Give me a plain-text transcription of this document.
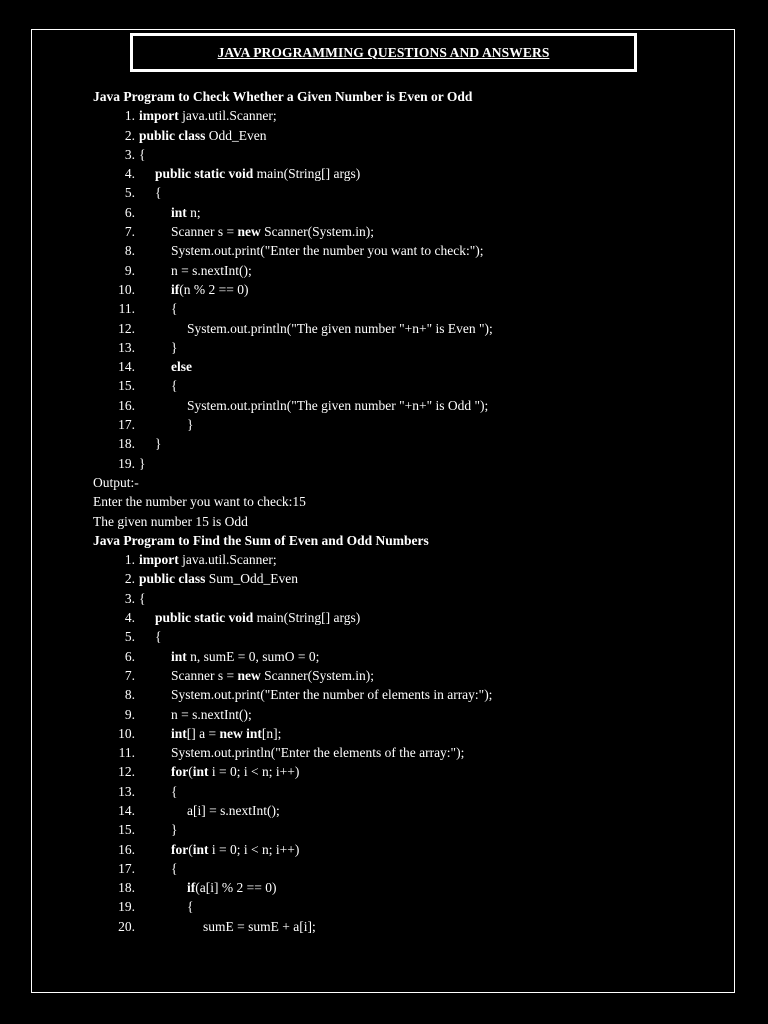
JAVA PROGRAMMING QUESTIONS AND ANSWERS
Java Program to Check Whether a Given Number is Even or Odd
1. import java.util.Scanner;
2. public class Odd_Even
3. {
4. public static void main(String[] args)
5. {
6.	int n;
7.	Scanner s = new Scanner(System.in);
8.	System.out.print("Enter the number you want to check:");
9.	n = s.nextInt();
10.	if(n % 2 == 0)
11.	{
12.	System.out.println("The given number "+n+" is Even ");
13.	}
14.	else
15.	{
16.	System.out.println("The given number "+n+" is Odd ");
17.	}
18. }
19. }
Output:-
Enter the number you want to check:15
The given number 15 is Odd
Java Program to Find the Sum of Even and Odd Numbers
1. import java.util.Scanner;
2. public class Sum_Odd_Even
3. {
4. public static void main(String[] args)
5. {
6.	int n, sumE = 0, sumO = 0;
7.	Scanner s = new Scanner(System.in);
8.	System.out.print("Enter the number of elements in array:");
9.	n = s.nextInt();
10.	int[] a = new int[n];
11.	System.out.println("Enter the elements of the array:");
12.	for(int i = 0; i < n; i++)
13.	{
14.	a[i] = s.nextInt();
15.	}
16.	for(int i = 0; i < n; i++)
17.	{
18.	if(a[i] % 2 == 0)
19.	{
20.	sumE = sumE + a[i];
